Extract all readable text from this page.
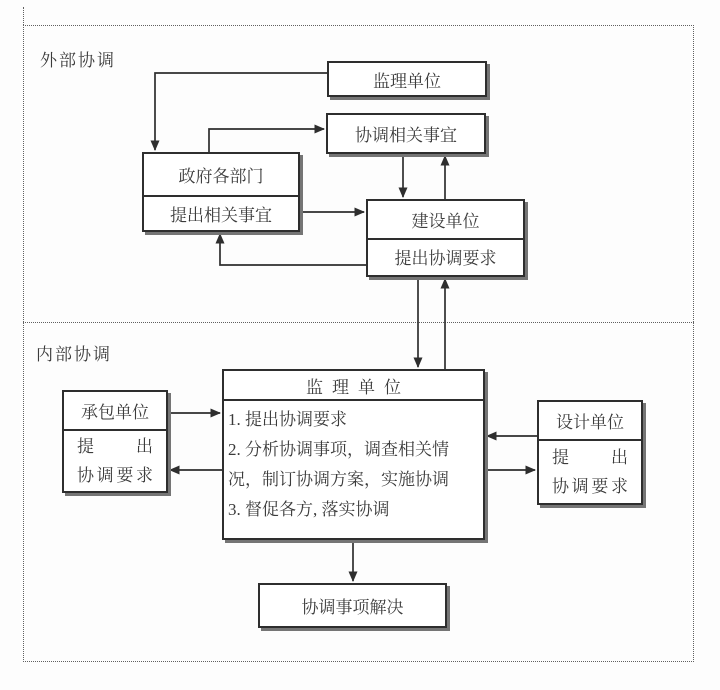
外部协调
内部协调
监理单位
协调相关事宜
政府各部门
提出相关事宜	建设单位
提出协调要求
承包单位
提出
协调要求
设计单位
提出
协调要求
监理单位
1. 提出协调要求
2. 分析协调事项，调查相关情况，制订协调方案，实施协调
3. 督促各方, 落实协调
协调事项解决
